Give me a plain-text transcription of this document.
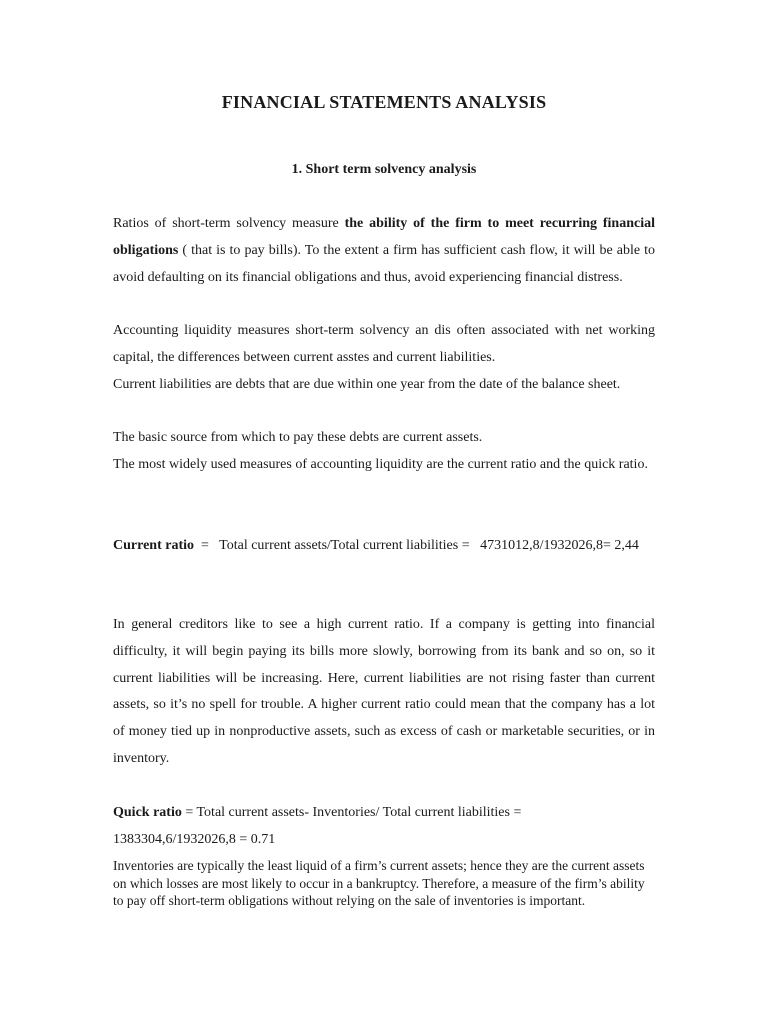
FINANCIAL STATEMENTS ANALYSIS
1. Short term solvency analysis

Ratios of short-term solvency measure the ability of the firm to meet recurring financial obligations ( that is to pay bills). To the extent a firm has sufficient cash flow, it will be able to avoid defaulting on its financial obligations and thus, avoid experiencing financial distress.

Accounting liquidity measures short-term solvency an dis often associated with net working capital, the differences between current asstes and current liabilities.

Current liabilities are debts that are due within one year from the date of the balance sheet.

The basic source from which to pay these debts are current assets.

The most widely used measures of accounting liquidity are the current ratio and the quick ratio.

Current ratio  =   Total current assets/Total current liabilities =   4731012,8/1932026,8= 2,44

In general creditors like to see a high current ratio. If a company is getting into financial difficulty, it will begin paying its bills more slowly, borrowing from its bank and so on, so it current liabilities will be increasing. Here, current liabilities are not rising faster than current assets, so it’s no spell for trouble. A higher current ratio could mean that the company has a lot of money tied up in nonproductive assets, such as excess of cash or marketable securities, or in inventory.

Quick ratio = Total current assets- Inventories/ Total current liabilities =

1383304,6/1932026,8 = 0.71

Inventories are typically the least liquid of a firm’s current assets; hence they are the current assets on which losses are most likely to occur in a bankruptcy. Therefore, a measure of the firm’s ability to pay off short-term obligations without relying on the sale of inventories is important.
